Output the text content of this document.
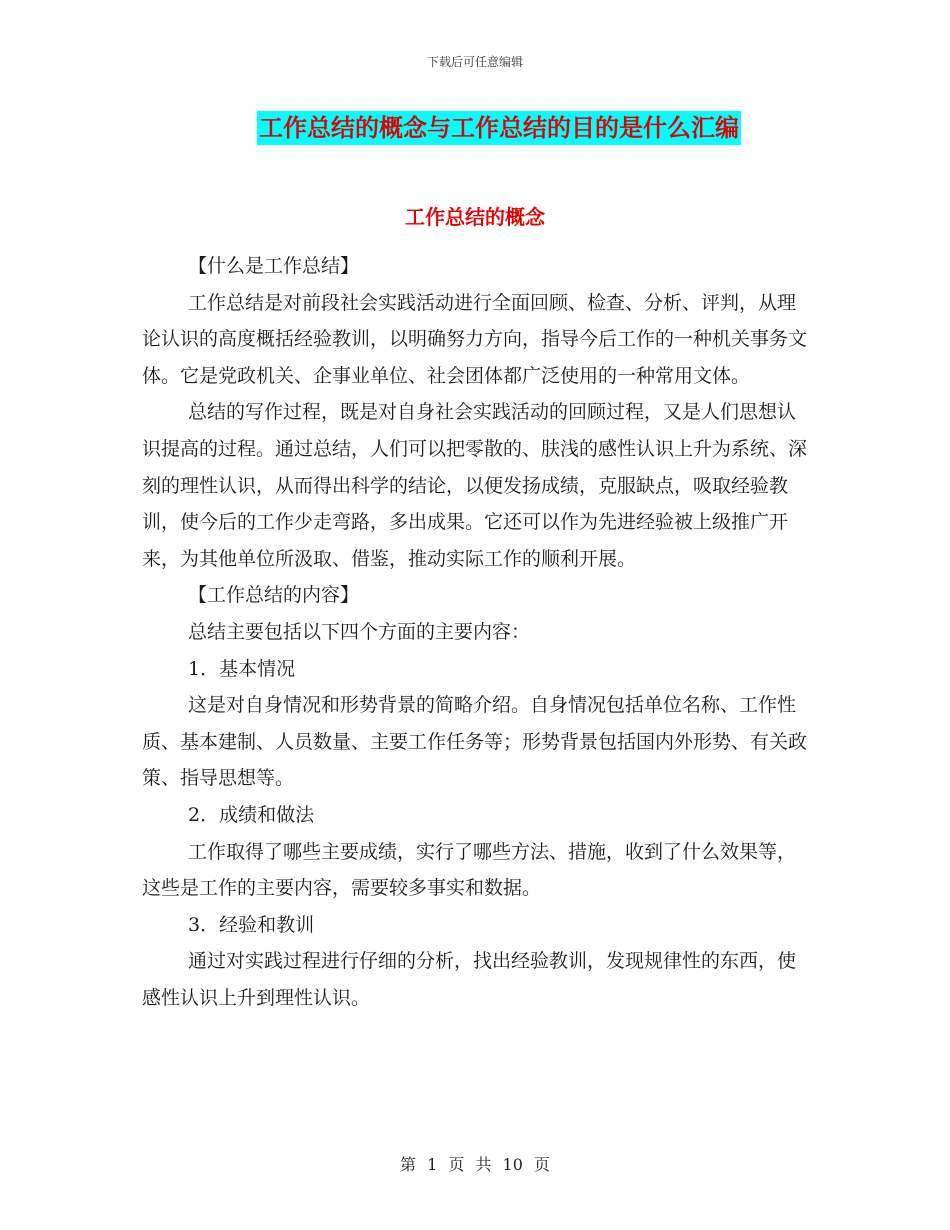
下载后可任意编辑
工作总结的概念与工作总结的目的是什么汇编
工作总结的概念

【什么是工作总结】

工作总结是对前段社会实践活动进行全面回顾、检查、分析、评判，从理论认识的高度概括经验教训，以明确努力方向，指导今后工作的一种机关事务文体。它是党政机关、企事业单位、社会团体都广泛使用的一种常用文体。

总结的写作过程，既是对自身社会实践活动的回顾过程，又是人们思想认识提高的过程。通过总结，人们可以把零散的、肤浅的感性认识上升为系统、深刻的理性认识，从而得出科学的结论，以便发扬成绩，克服缺点，吸取经验教训，使今后的工作少走弯路，多出成果。它还可以作为先进经验被上级推广开来，为其他单位所汲取、借鉴，推动实际工作的顺利开展。

【工作总结的内容】

总结主要包括以下四个方面的主要内容：

1．基本情况

这是对自身情况和形势背景的简略介绍。自身情况包括单位名称、工作性质、基本建制、人员数量、主要工作任务等；形势背景包括国内外形势、有关政策、指导思想等。

2．成绩和做法

工作取得了哪些主要成绩，实行了哪些方法、措施，收到了什么效果等，这些是工作的主要内容，需要较多事实和数据。

3．经验和教训

通过对实践过程进行仔细的分析，找出经验教训，发现规律性的东西，使感性认识上升到理性认识。

第 1 页 共 10 页
